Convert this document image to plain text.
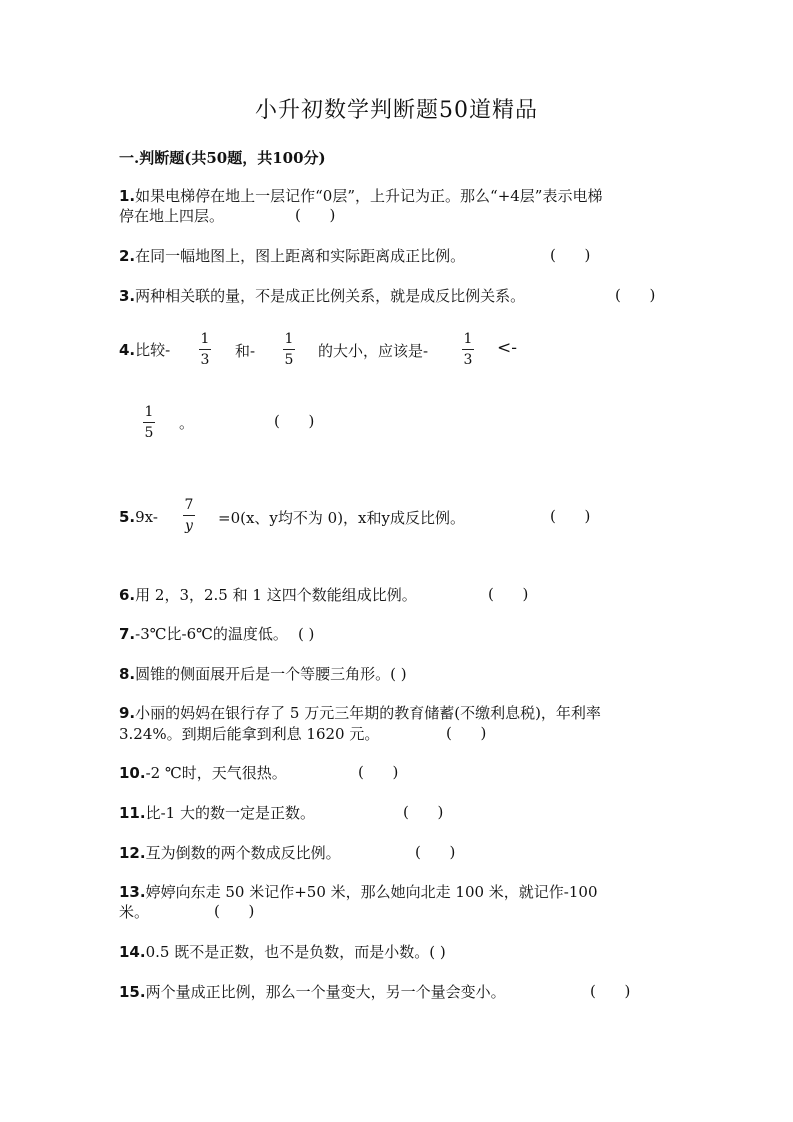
小升初数学判断题50道精品
一.判断题(共50题，共100分)
1.如果电梯停在地上一层记作“0层”，上升记为正。那么“+4层”表示电梯
停在地上四层。	(      )
2.在同一幅地图上，图上距离和实际距离成正比例。	(      )
3.两种相关联的量，不是成正比例关系，就是成反比例关系。	(      )
4.比较-
1
3 和-
1
5 的大小，应该是-
1
3
<-
1
5
。	(      )
5.9x-
7
y =0(x、y均不为 0)，x和y成反比例。	(      )
6.用 2，3，2.5 和 1 这四个数能组成比例。	(      )
7.-3℃比-6℃的温度低。 ( )
8.圆锥的侧面展开后是一个等腰三角形。( )
9.小丽的妈妈在银行存了 5 万元三年期的教育储蓄(不缴利息税)，年利率
3.24%。到期后能拿到利息 1620 元。	(      )
10.-2 ℃时，天气很热。	(      )
11.比-1 大的数一定是正数。	(      )
12.互为倒数的两个数成反比例。	(      )
13.婷婷向东走 50 米记作+50 米，那么她向北走 100 米，就记作-100
米。	(      )
14.0.5 既不是正数，也不是负数，而是小数。( )
15.两个量成正比例，那么一个量变大，另一个量会变小。	(      )
